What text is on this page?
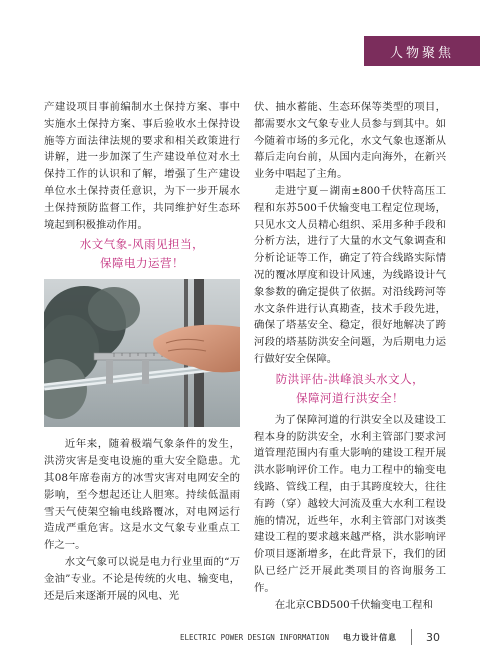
人物聚焦

产建设项目事前编制水土保持方案、事中实施水土保持方案、事后验收水土保持设施等方面法律法规的要求和相关政策进行讲解，进一步加深了生产建设单位对水土保持工作的认识和了解，增强了生产建设单位水土保持责任意识，为下一步开展水土保持预防监督工作，共同维护好生态环境起到积极推动作用。

水文气象-风雨见担当，
保障电力运营！

近年来，随着极端气象条件的发生，洪涝灾害是变电设施的重大安全隐患。尤其08年席卷南方的冰雪灾害对电网安全的影响，至今想起还让人胆寒。持续低温雨雪天气使架空输电线路覆冰，对电网运行造成严重危害。这是水文气象专业重点工作之一。

水文气象可以说是电力行业里面的“万金油”专业。不论是传统的火电、输变电，还是后来逐渐开展的风电、光

伏、抽水蓄能、生态环保等类型的项目，都需要水文气象专业人员参与到其中。如今随着市场的多元化，水文气象也逐渐从幕后走向台前，从国内走向海外，在新兴业务中唱起了主角。

走进宁夏－湖南±800千伏特高压工程和东苏500千伏输变电工程定位现场，只见水文人员精心组织、采用多种手段和分析方法，进行了大量的水文气象调查和分析论证等工作，确定了符合线路实际情况的覆冰厚度和设计风速，为线路设计气象参数的确定提供了依据。对沿线跨河等水文条件进行认真勘查，技术手段先进，确保了塔基安全、稳定，很好地解决了跨河段的塔基防洪安全问题，为后期电力运行做好安全保障。

防洪评估-洪峰浪头水文人，
保障河道行洪安全！

为了保障河道的行洪安全以及建设工程本身的防洪安全，水利主管部门要求河道管理范围内有重大影响的建设工程开展洪水影响评价工作。电力工程中的输变电线路、管线工程，由于其跨度较大，往往有跨（穿）越较大河流及重大水利工程设施的情况，近些年，水利主管部门对该类建设工程的要求越来越严格，洪水影响评价项目逐渐增多，在此背景下，我们的团队已经广泛开展此类项目的咨询服务工作。

在北京CBD500千伏输变电工程和

ELECTRIC POWER DESIGN INFORMATION 电力设计信息	30
